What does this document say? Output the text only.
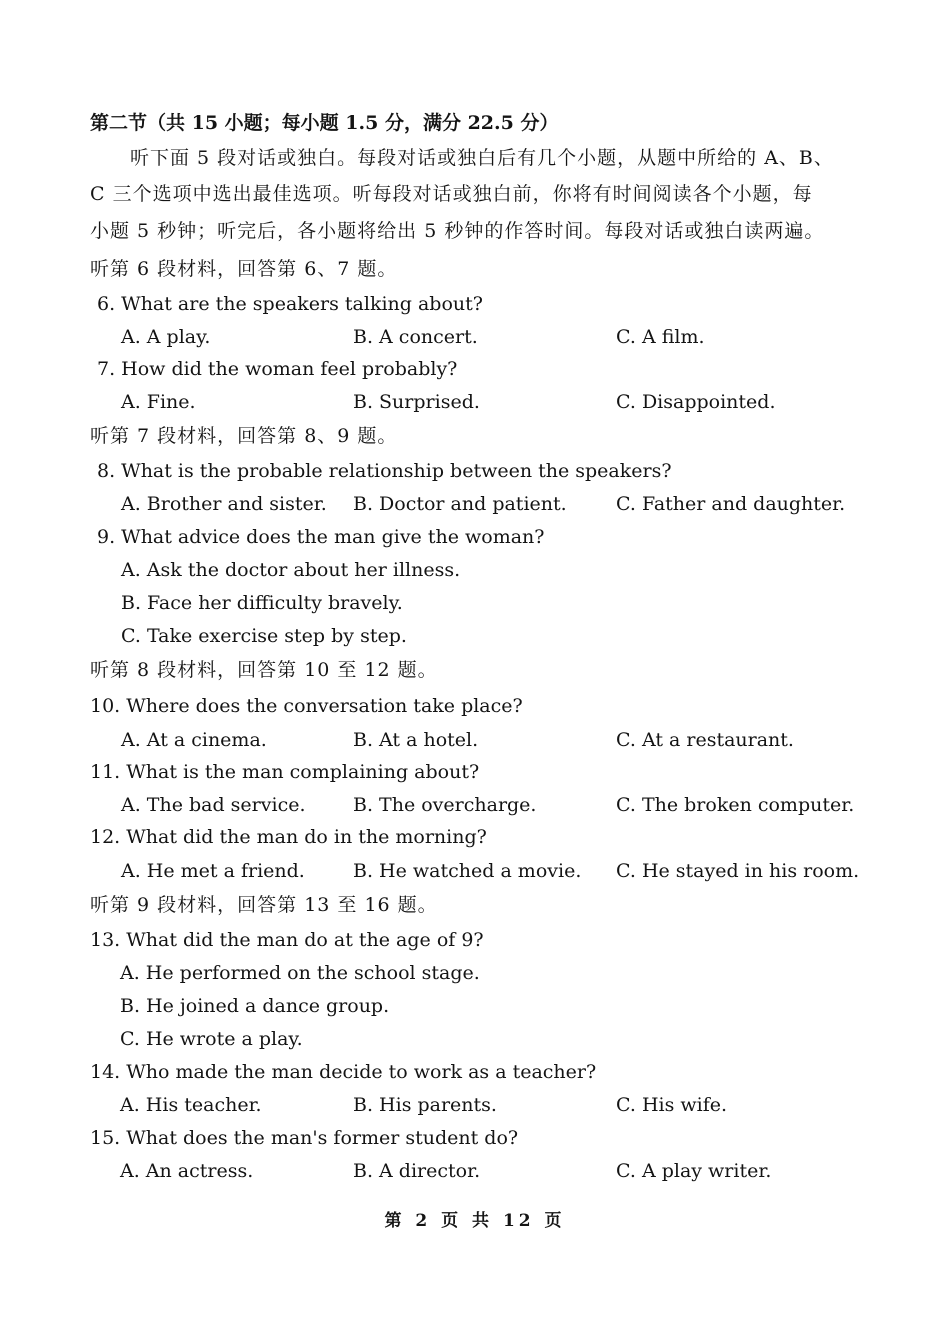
第二节（共 15 小题；每小题 1.5 分，满分 22.5 分）
听下面 5 段对话或独白。每段对话或独白后有几个小题，从题中所给的 A、B、
C 三个选项中选出最佳选项。听每段对话或独白前，你将有时间阅读各个小题，每
小题 5 秒钟；听完后，各小题将给出 5 秒钟的作答时间。每段对话或独白读两遍。
听第 6 段材料，回答第 6、7 题。
6. What are the speakers talking about?
A. A play.	B. A concert.	C. A film.
7. How did the woman feel probably?
A. Fine.	B. Surprised.	C. Disappointed.
听第 7 段材料，回答第 8、9 题。
8. What is the probable relationship between the speakers?
A. Brother and sister. B. Doctor and patient.	C. Father and daughter.
9. What advice does the man give the woman?
A. Ask the doctor about her illness.
B. Face her difficulty bravely.
C. Take exercise step by step.
听第 8 段材料，回答第 10 至 12 题。
10. Where does the conversation take place?
A. At a cinema.	B. At a hotel.	C. At a restaurant.
11. What is the man complaining about?
A. The bad service.	B. The overcharge.	C. The broken computer.
12. What did the man do in the morning?
A. He met a friend.	B. He watched a movie. C. He stayed in his room.
听第 9 段材料，回答第 13 至 16 题。
13. What did the man do at the age of 9?
A. He performed on the school stage.
B. He joined a dance group.
C. He wrote a play.
14. Who made the man decide to work as a teacher?
A. His teacher.	B. His parents.	C. His wife.
15. What does the man's former student do?
A. An actress.	B. A director.	C. A play writer.
第 2 页 共 12 页
